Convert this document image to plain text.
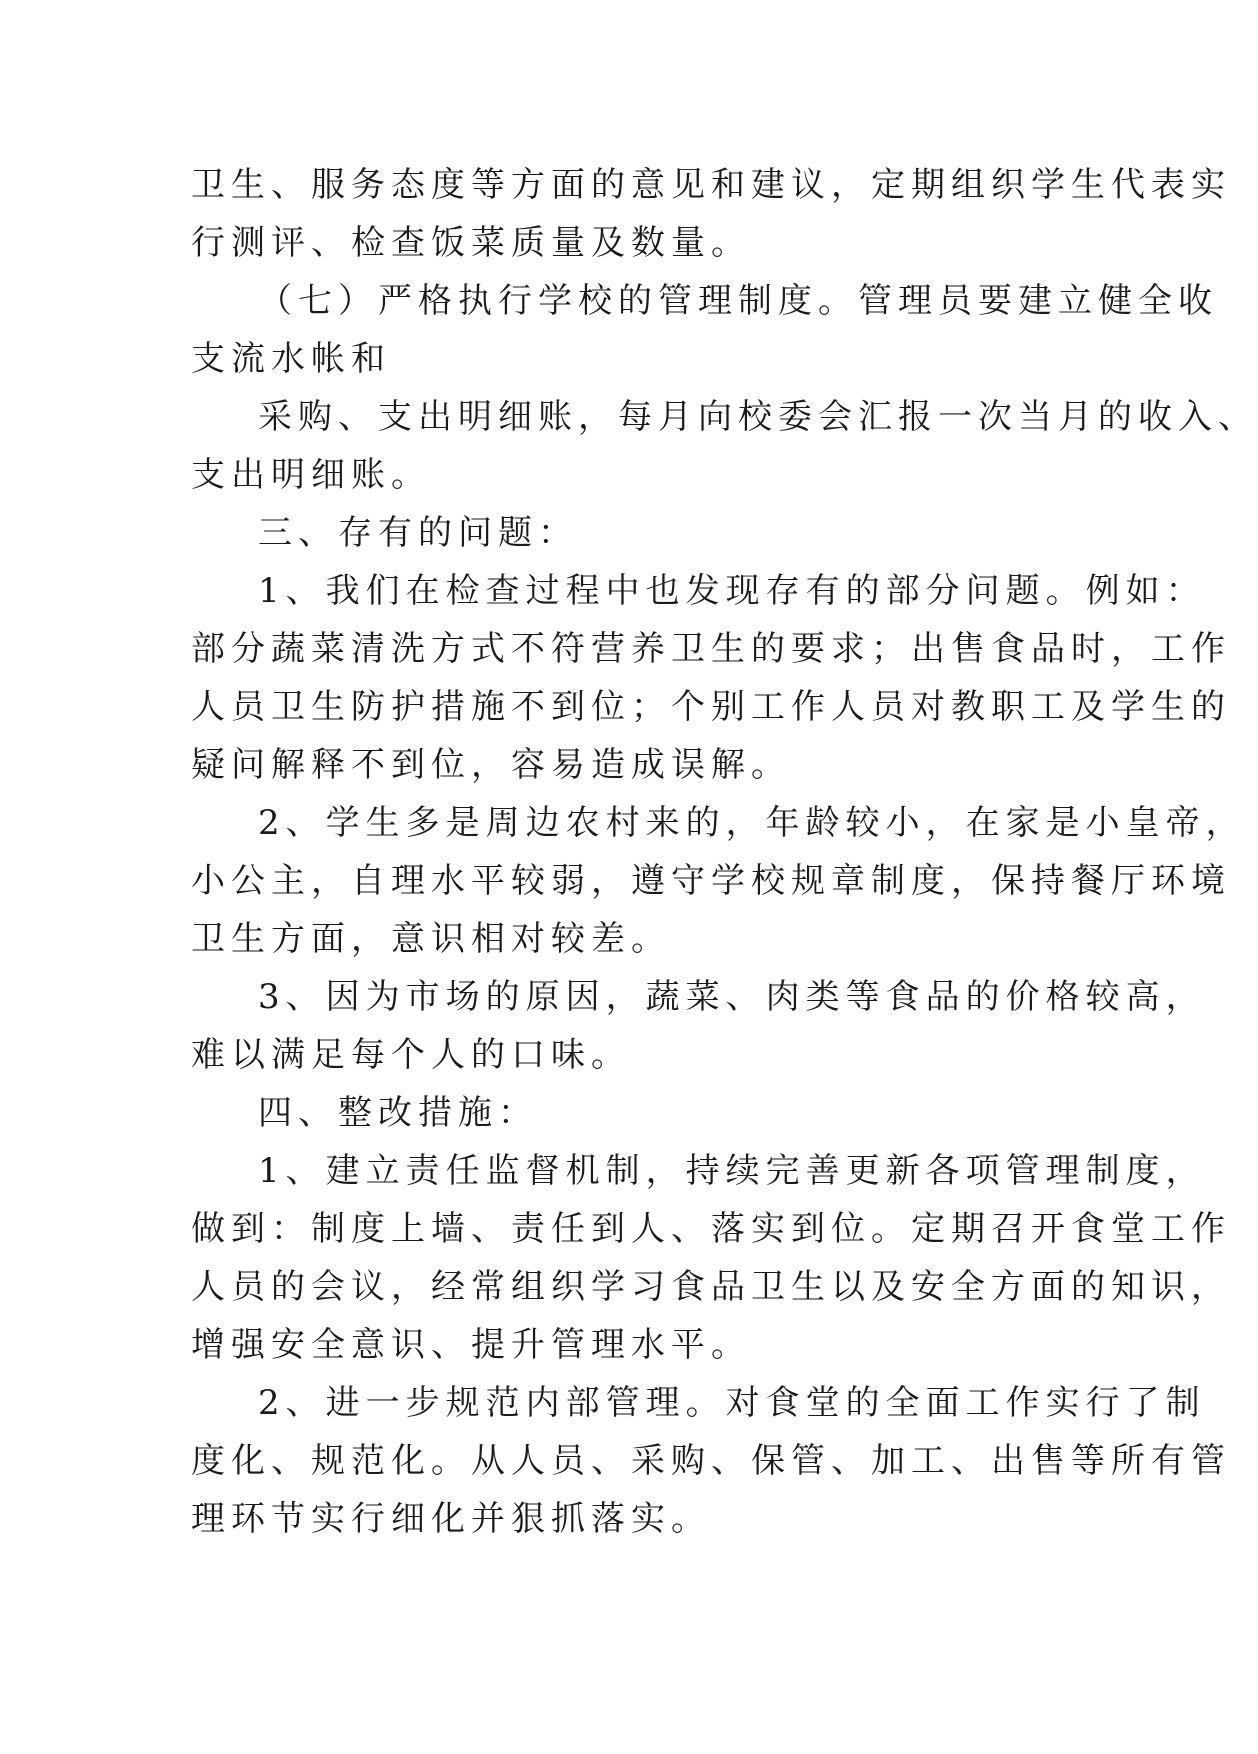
卫生、服务态度等方面的意见和建议，定期组织学生代表实
行测评、检查饭菜质量及数量。
（七）严格执行学校的管理制度。管理员要建立健全收
支流水帐和
采购、支出明细账，每月向校委会汇报一次当月的收入、
支出明细账。
三、存有的问题：
1、我们在检查过程中也发现存有的部分问题。例如：
部分蔬菜清洗方式不符营养卫生的要求；出售食品时，工作
人员卫生防护措施不到位；个别工作人员对教职工及学生的
疑问解释不到位，容易造成误解。
2、学生多是周边农村来的，年龄较小，在家是小皇帝，
小公主，自理水平较弱，遵守学校规章制度，保持餐厅环境
卫生方面，意识相对较差。
3、因为市场的原因，蔬菜、肉类等食品的价格较高，
难以满足每个人的口味。
四、整改措施：
1、建立责任监督机制，持续完善更新各项管理制度，
做到：制度上墙、责任到人、落实到位。定期召开食堂工作
人员的会议，经常组织学习食品卫生以及安全方面的知识，
增强安全意识、提升管理水平。
2、进一步规范内部管理。对食堂的全面工作实行了制
度化、规范化。从人员、采购、保管、加工、出售等所有管
理环节实行细化并狠抓落实。
